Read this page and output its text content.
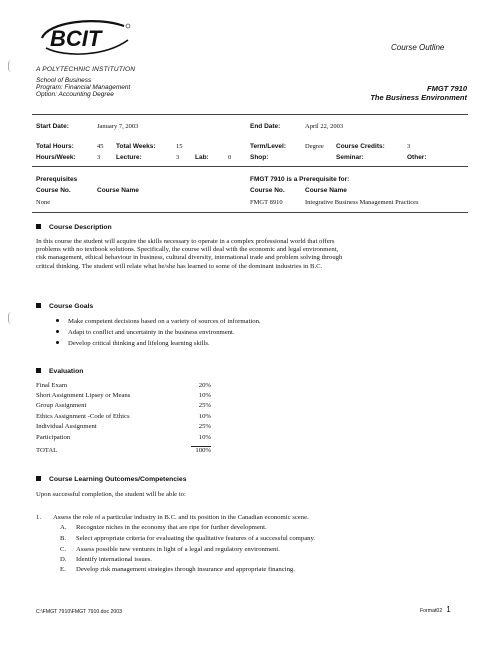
BCIT	Course Outline
A POLYTECHNIC INSTITUTION
School of Business
Program: Financial Management
Option: Accounting Degree
FMGT 7910
The Business Environment
Start Date:	January 7, 2003	End Date:	April 22, 2003
Total Hours:	45 Total Weeks:	15	Term/Level:	Degree Course Credits:	3
Hours/Week:	3 Lecture:	3 Lab:	0	Shop:	Seminar:	Other:
Prerequisites
Course No.	Course Name
None
FMGT 7910 is a Prerequisite for:
Course No.	Course Name
FMGT 8910	Integrative Business Management Practices
Course Description
In this course the student will acquire the skills necessary to operate in a complex professional world that offers
problems with no textbook solutions. Specifically, the course will deal with the economic and legal environment,
risk management, ethical behaviour in business, cultural diversity, international trade and problem solving through
critical thinking. The student will relate what he/she has learned to some of the dominant industries in B.C.
Course Goals
Make competent decisions based on a variety of sources of information.
Adapt to conflict and uncertainty in the business environment.
Develop critical thinking and lifelong learning skills.
Evaluation
Final Exam	20%
Short Assignment Lipsey or Means	10%
Group Assignment	25%
Ethics Assignment -Code of Ethics	10%
Individual Assignment	25%
Participation	10%
TOTAL	100%
Course Learning Outcomes/Competencies
Upon successful completion, the student will be able to:
1. Assess the role of a particular industry in B.C. and its position in the Canadian economic scene.
A. Recognize niches in the economy that are ripe for further development.
B. Select appropriate criteria for evaluating the qualitative features of a successful company.
C. Assess possible new ventures in light of a legal and regulatory environment.
D. Identify international issues.
E. Develop risk management strategies through insurance and appropriate financing.
C:\FMGT 7910\FMGT 7910.doc 2003	Format02 1
